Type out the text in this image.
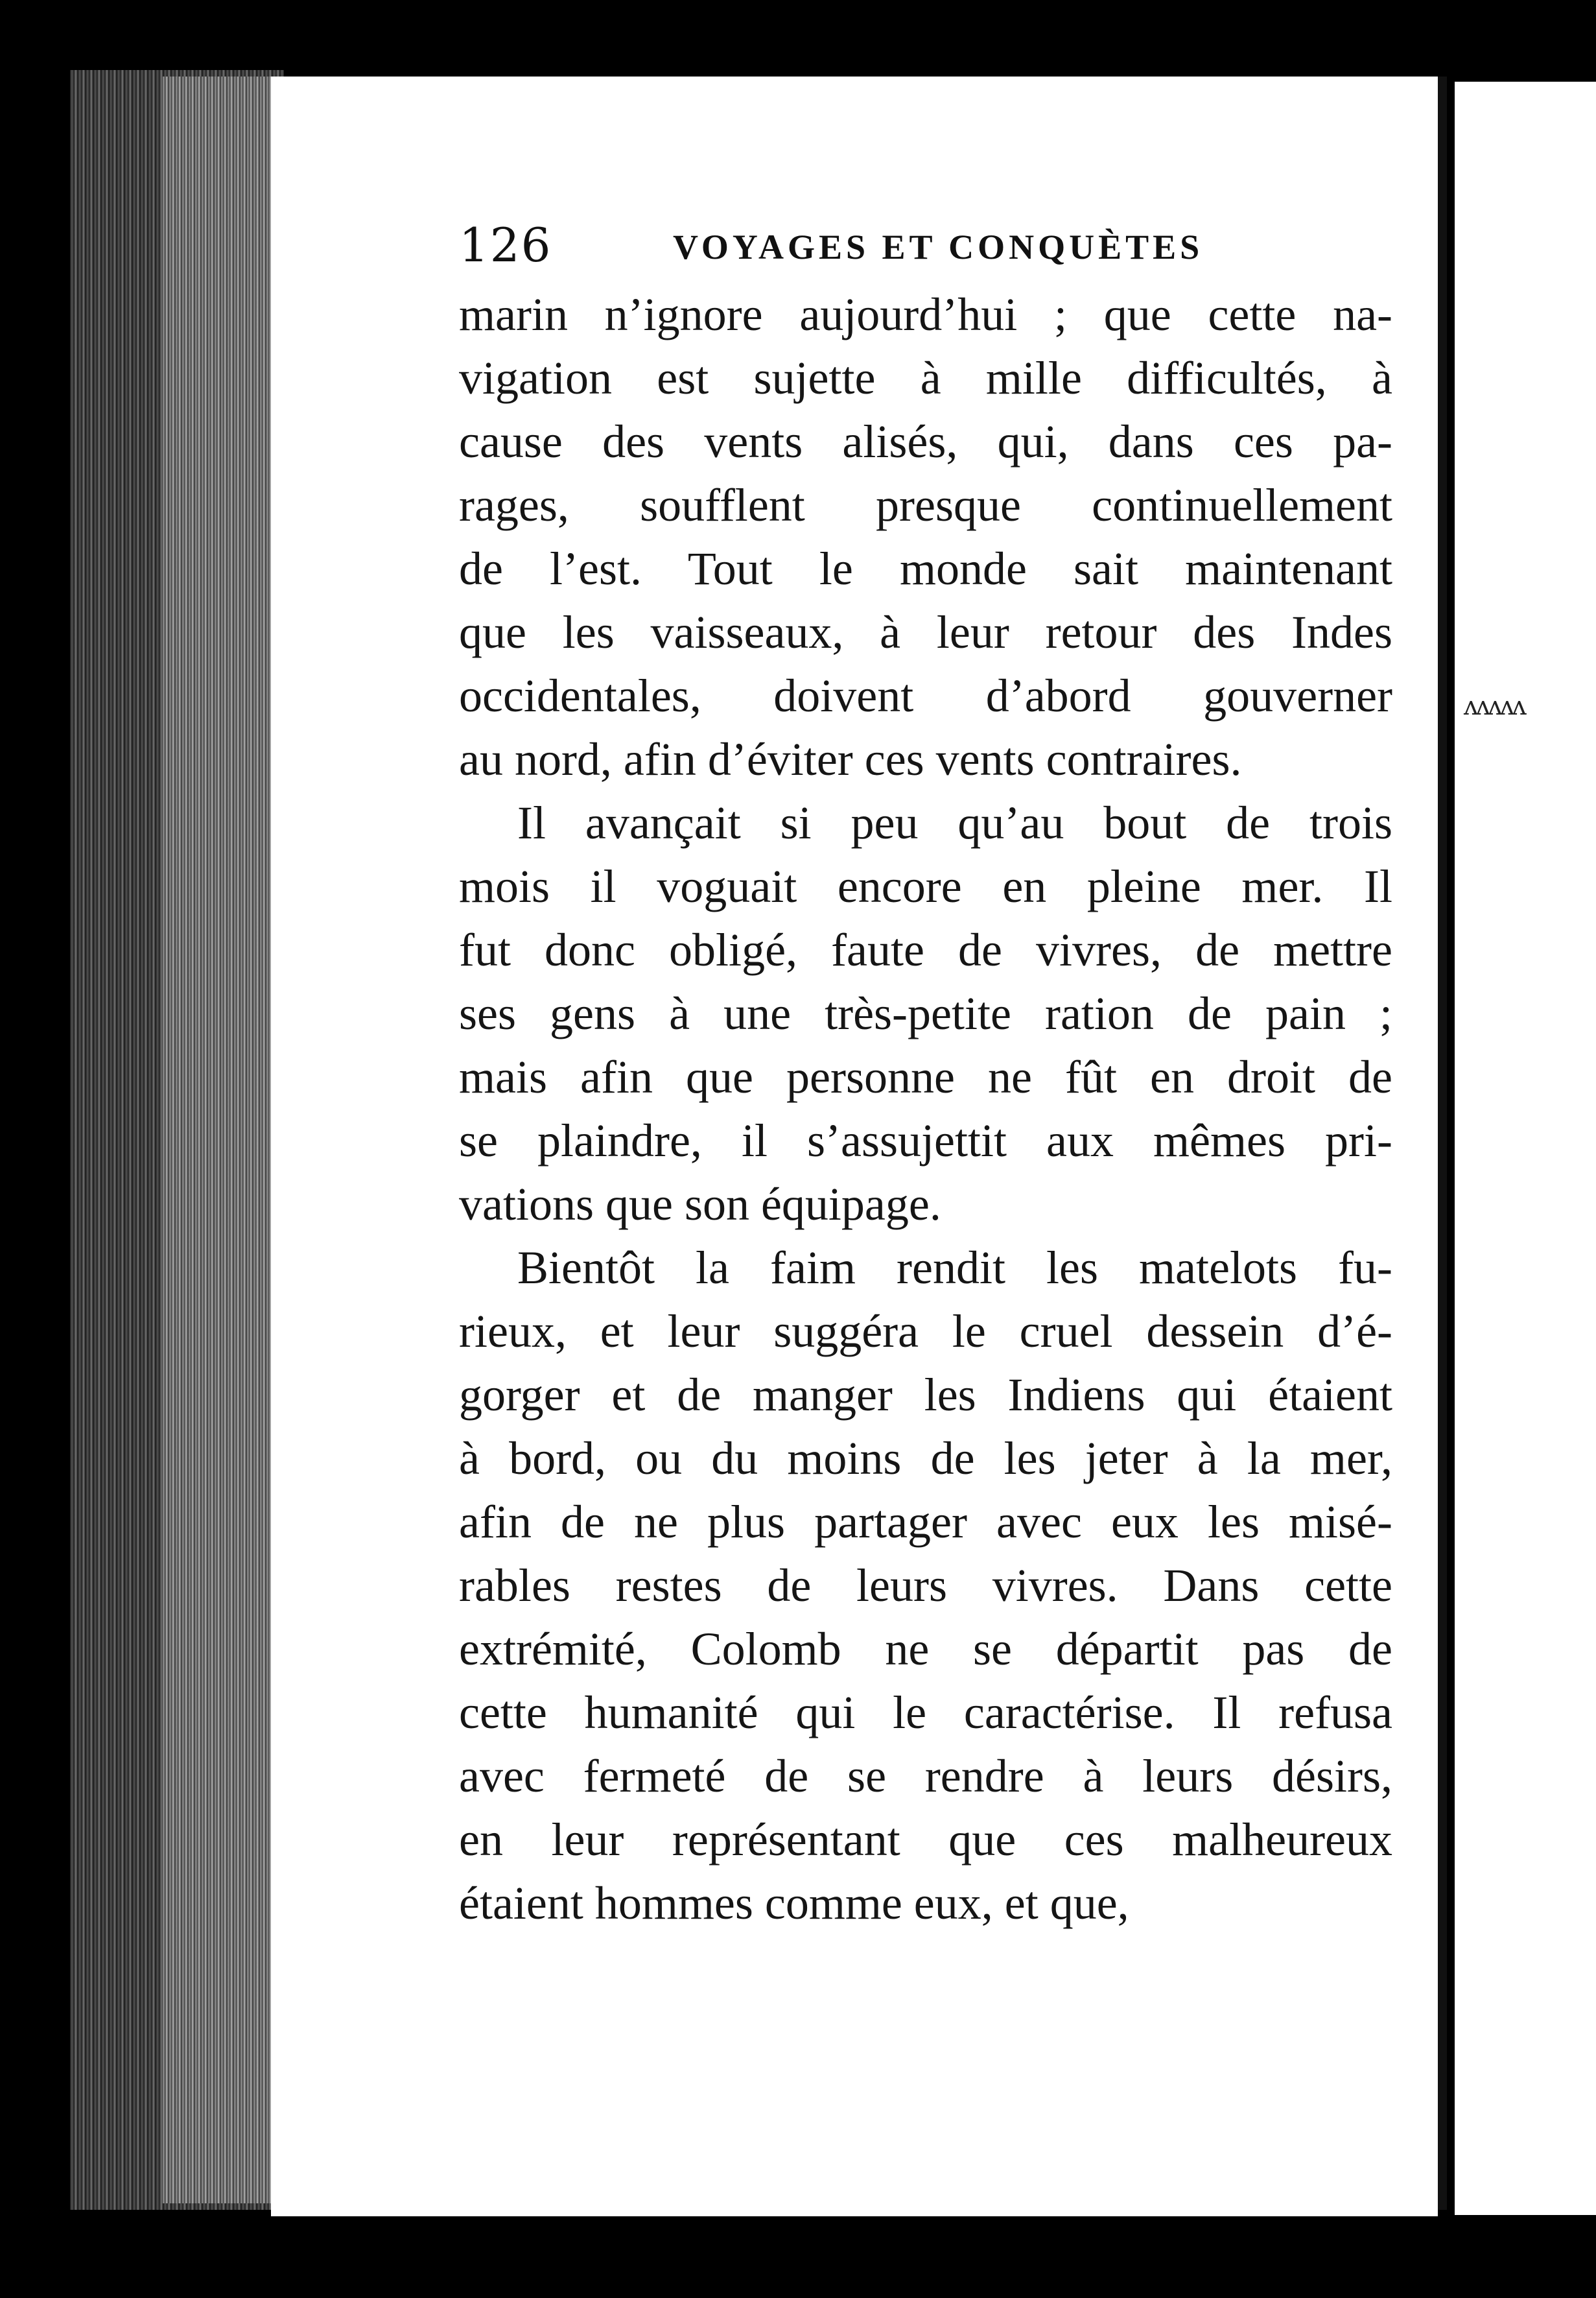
126	VOYAGES ET CONQUÈTES
marin n’ignore aujourd’hui ; que cette na-
vigation est sujette à mille difficultés, à
cause des vents alisés, qui, dans ces pa-
rages, soufflent presque continuellement
de l’est. Tout le monde sait maintenant
que les vaisseaux, à leur retour des Indes
occidentales, doivent d’abord gouverner
au nord, afin d’éviter ces vents contraires.
Il avançait si peu qu’au bout de trois
mois il voguait encore en pleine mer. Il
fut donc obligé, faute de vivres, de mettre
ses gens à une très-petite ration de pain ;
mais afin que personne ne fût en droit de
se plaindre, il s’assujettit aux mêmes pri-
vations que son équipage.
Bientôt la faim rendit les matelots fu-
rieux, et leur suggéra le cruel dessein d’é-
gorger et de manger les Indiens qui étaient
à bord, ou du moins de les jeter à la mer,
afin de ne plus partager avec eux les misé-
rables restes de leurs vivres. Dans cette
extrémité, Colomb ne se départit pas de
cette humanité qui le caractérise. Il refusa
avec fermeté de se rendre à leurs désirs,
en leur représentant que ces malheureux
étaient hommes comme eux, et que,
ʌʌʌʌʌ
